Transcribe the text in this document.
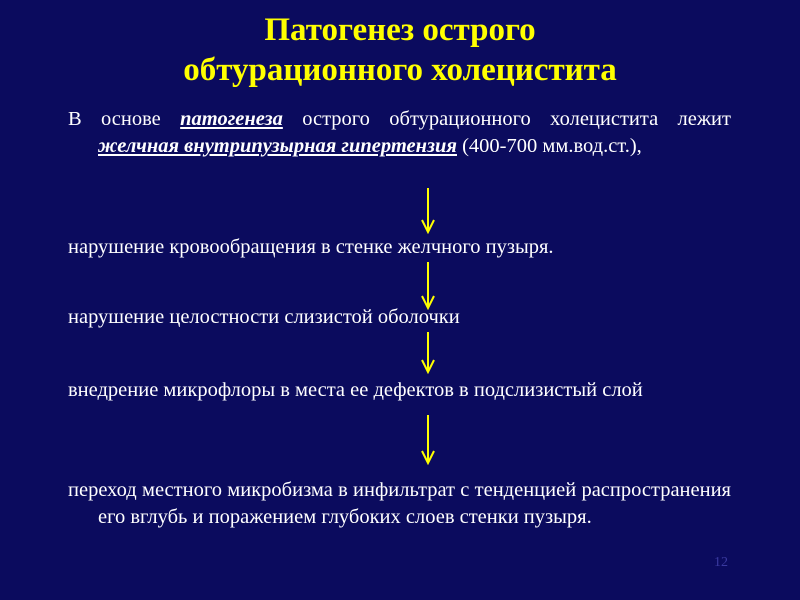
Патогенез острого
обтурационного холецистита
В основе патогенеза острого обтурационного холецистита лежит желчная внутрипузырная гипертензия (400-700 мм.вод.ст.),
нарушение кровообращения в стенке желчного пузыря.
нарушение целостности слизистой оболочки
внедрение микрофлоры в места ее дефектов в подслизистый слой
переход местного микробизма в инфильтрат с тенденцией распространения его вглубь и поражением глубоких слоев стенки пузыря.
12
